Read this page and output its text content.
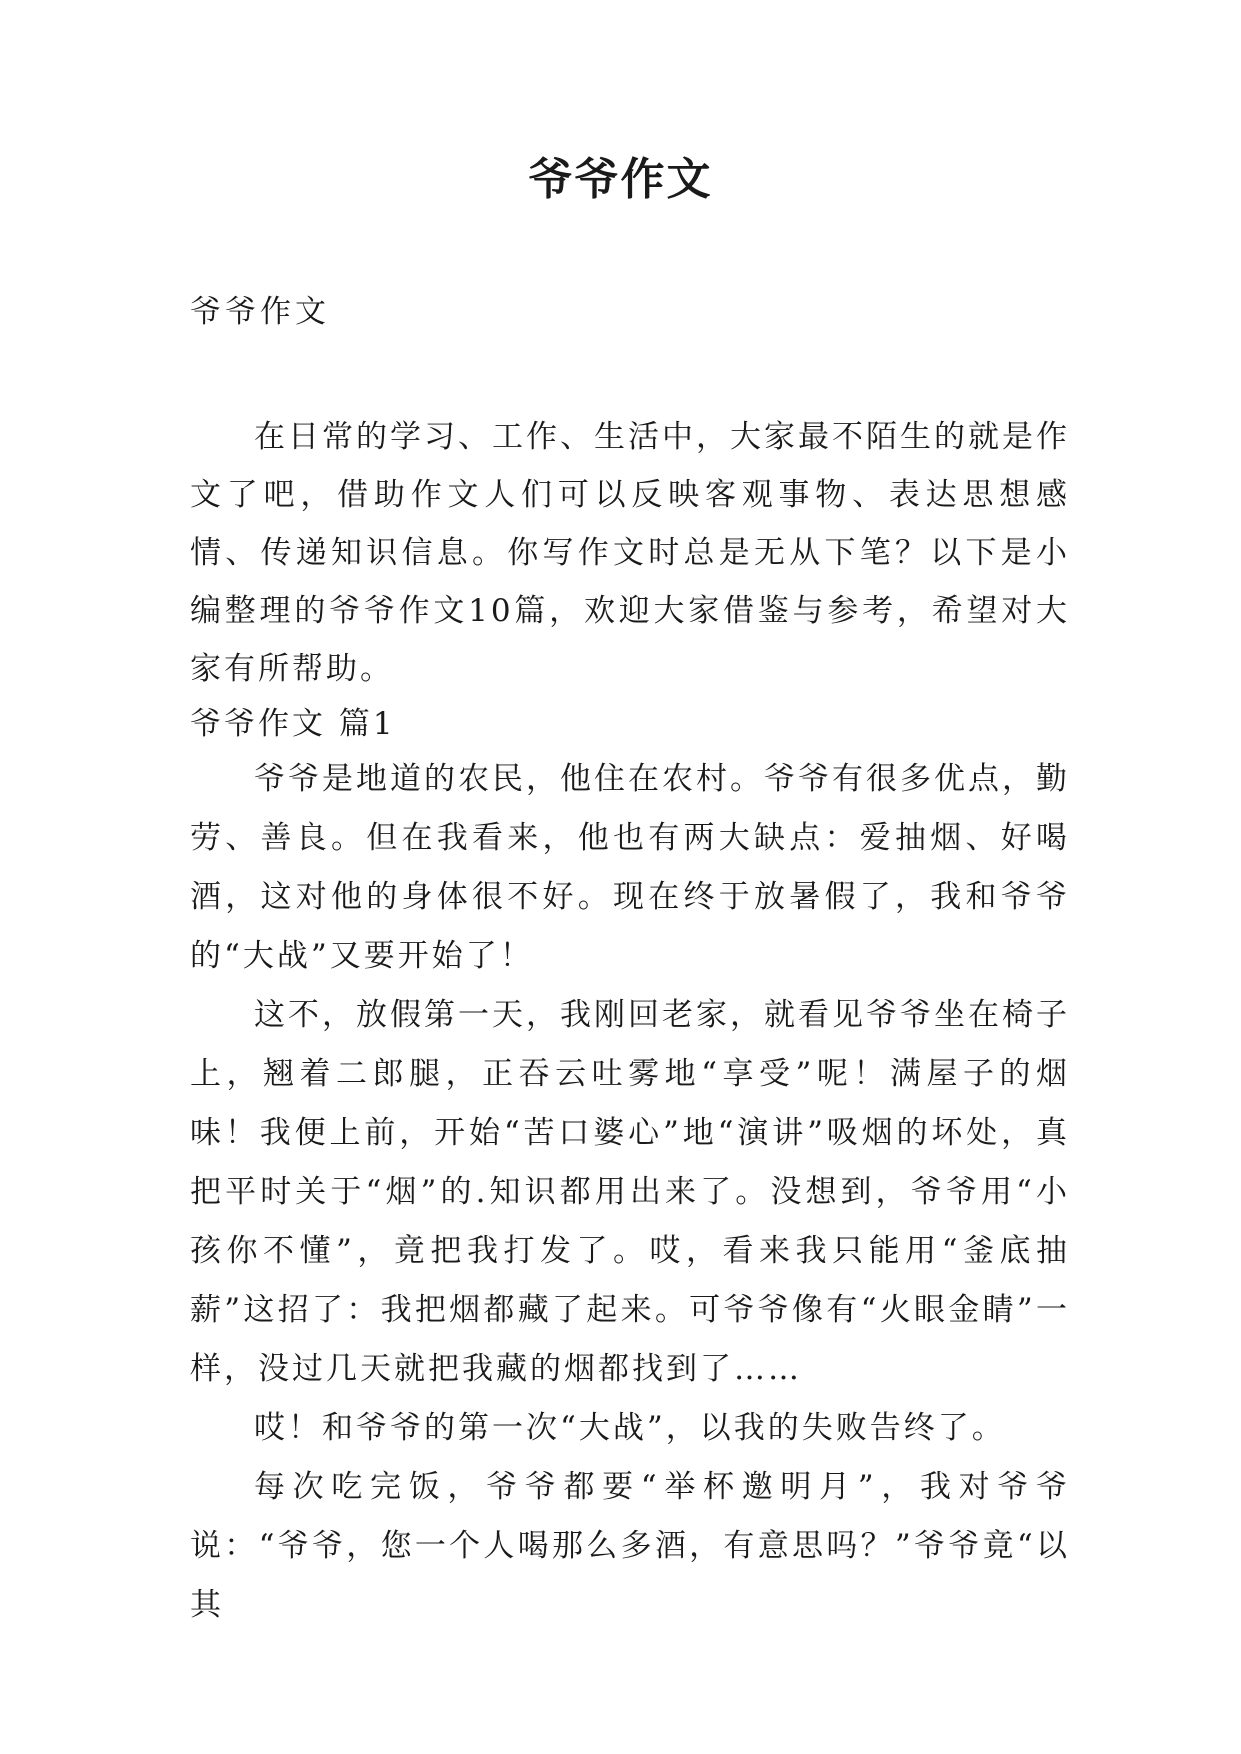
爷爷作文

爷爷作文

在日常的学习、工作、生活中，大家最不陌生的就是作文了吧，借助作文人们可以反映客观事物、表达思想感情、传递知识信息。你写作文时总是无从下笔？以下是小编整理的爷爷作文10篇，欢迎大家借鉴与参考，希望对大家有所帮助。

爷爷作文 篇1

爷爷是地道的农民，他住在农村。爷爷有很多优点，勤劳、善良。但在我看来，他也有两大缺点：爱抽烟、好喝酒，这对他的身体很不好。现在终于放暑假了，我和爷爷的“大战”又要开始了！

这不，放假第一天，我刚回老家，就看见爷爷坐在椅子上，翘着二郎腿，正吞云吐雾地“享受”呢！满屋子的烟味！我便上前，开始“苦口婆心”地“演讲”吸烟的坏处，真把平时关于“烟”的.知识都用出来了。没想到，爷爷用“小孩你不懂”，竟把我打发了。哎，看来我只能用“釜底抽薪”这招了：我把烟都藏了起来。可爷爷像有“火眼金睛”一样，没过几天就把我藏的烟都找到了……

哎！和爷爷的第一次“大战”，以我的失败告终了。

每次吃完饭，爷爷都要“举杯邀明月”，我对爷爷说：“爷爷，您一个人喝那么多酒，有意思吗？”爷爷竟“以其
